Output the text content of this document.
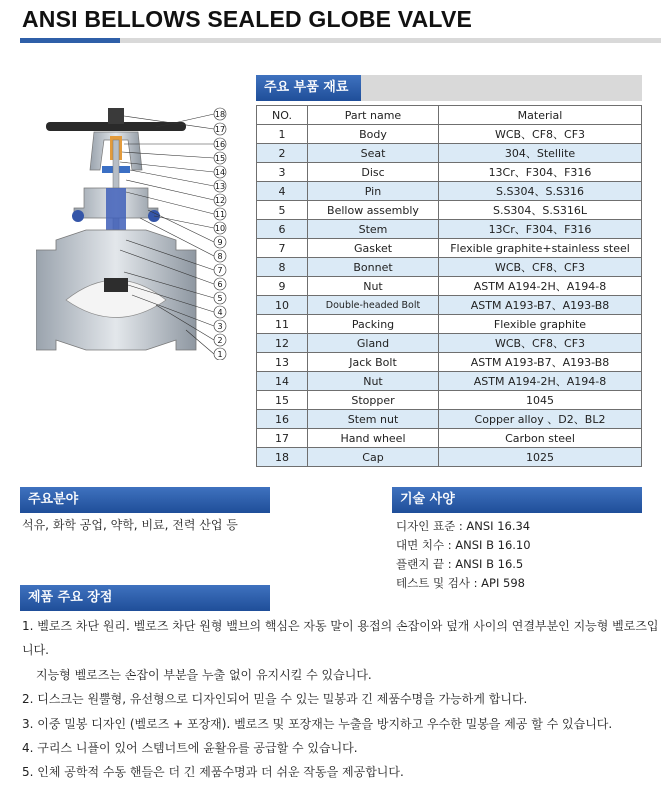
ANSI BELLOWS SEALED GLOBE VALVE
18
17
16
15
14
13
12
11
10
9
8
7
6
5
4
3
2
1
주요 부품 재료
NO.	Part name	Material
1	Body	WCB、CF8、CF3
2	Seat	304、Stellite
3	Disc	13Cr、F304、F316
4	Pin	S.S304、S.S316
5	Bellow assembly	S.S304、S.S316L
6	Stem	13Cr、F304、F316
7	Gasket	Flexible graphite+stainless steel
8	Bonnet	WCB、CF8、CF3
9	Nut	ASTM A194-2H、A194-8
10	Double-headed Bolt	ASTM A193-B7、A193-B8
11	Packing	Flexible graphite
12	Gland	WCB、CF8、CF3
13	Jack Bolt	ASTM A193-B7、A193-B8
14	Nut	ASTM A194-2H、A194-8
15	Stopper	1045
16	Stem nut	Copper alloy 、D2、BL2
17	Hand wheel	Carbon steel
18	Cap	1025
주요분야
석유, 화학 공업, 약학, 비료, 전력 산업 등
기술 사양
디자인 표준 : ANSI 16.34
대면 치수 : ANSI B 16.10
플랜지 끝 : ANSI B 16.5
테스트 및 검사 : API 598
제품 주요 장점
1. 벨로즈 차단 원리. 벨로즈 차단 원형 밸브의 핵심은 자동 말이 용접의 손잡이와 덮개 사이의 연결부분인 지능형 벨로즈입니다.
지능형 벨로즈는 손잡이 부분을 누출 없이 유지시킬 수 있습니다.
2. 디스크는 원뿔형, 유선형으로 디자인되어 믿을 수 있는 밀봉과 긴 제품수명을 가능하게 합니다.
3. 이중 밀봉 디자인 (벨로즈 + 포장재). 벨로즈 및 포장재는 누출을 방지하고 우수한 밀봉을 제공 할 수 있습니다.
4. 구리스 니플이 있어 스템너트에 윤활유를 공급할 수 있습니다.
5. 인체 공학적 수동 핸들은 더 긴 제품수명과 더 쉬운 작동을 제공합니다.
